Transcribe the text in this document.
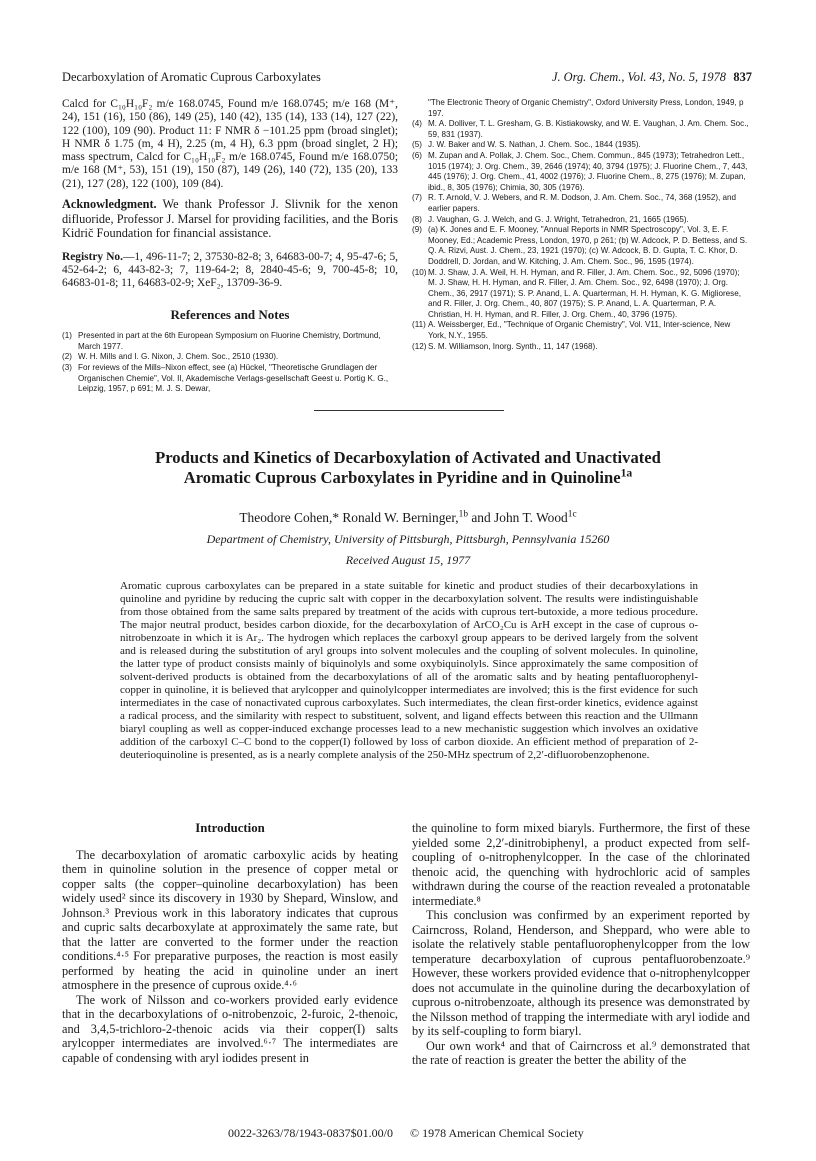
Decarboxylation of Aromatic Cuprous Carboxylates	J. Org. Chem., Vol. 43, No. 5, 1978 837
Calcd for C₁₀H₁₀F₂ m/e 168.0745, Found m/e 168.0745; m/e 168 (M⁺, 24), 151 (16), 150 (86), 149 (25), 140 (42), 135 (14), 133 (14), 127 (22), 122 (100), 109 (90). Product 11: F NMR δ −101.25 ppm (broad singlet); H NMR δ 1.75 (m, 4 H), 2.25 (m, 4 H), 6.3 ppm (broad singlet, 2 H); mass spectrum, Calcd for C₁₀H₁₀F₂ m/e 168.0745, Found m/e 168.0750; m/e 168 (M⁺, 53), 151 (19), 150 (87), 149 (26), 140 (72), 135 (20), 133 (21), 127 (28), 122 (100), 109 (84).
Acknowledgment. We thank Professor J. Slivnik for the xenon difluoride, Professor J. Marsel for providing facilities, and the Boris Kidrič Foundation for financial assistance.
Registry No.—1, 496-11-7; 2, 37530-82-8; 3, 64683-00-7; 4, 95-47-6; 5, 452-64-2; 6, 443-82-3; 7, 119-64-2; 8, 2840-45-6; 9, 700-45-8; 10, 64683-01-8; 11, 64683-02-9; XeF₂, 13709-36-9.
References and Notes
(1) Presented in part at the 6th European Symposium on Fluorine Chemistry, Dortmund, March 1977.
(2) W. H. Mills and I. G. Nixon, J. Chem. Soc., 2510 (1930).
(3) For reviews of the Mills–Nixon effect, see (a) Hückel, "Theoretische Grundlagen der Organischen Chemie", Vol. II, Akademische Verlags-gesellschaft Geest u. Portig K. G., Leipzig, 1957, p 691; M. J. S. Dewar,
"The Electronic Theory of Organic Chemistry", Oxford University Press, London, 1949, p 197.
(4) M. A. Dolliver, T. L. Gresham, G. B. Kistiakowsky, and W. E. Vaughan, J. Am. Chem. Soc., 59, 831 (1937).
(5) J. W. Baker and W. S. Nathan, J. Chem. Soc., 1844 (1935).
(6) M. Zupan and A. Pollak, J. Chem. Soc., Chem. Commun., 845 (1973); Tetrahedron Lett., 1015 (1974); J. Org. Chem., 39, 2646 (1974); 40, 3794 (1975); J. Fluorine Chem., 7, 443, 445 (1976); J. Org. Chem., 41, 4002 (1976); J. Fluorine Chem., 8, 275 (1976); M. Zupan, ibid., 8, 305 (1976); Chimia, 30, 305 (1976).
(7) R. T. Arnold, V. J. Webers, and R. M. Dodson, J. Am. Chem. Soc., 74, 368 (1952), and earlier papers.
(8) J. Vaughan, G. J. Welch, and G. J. Wright, Tetrahedron, 21, 1665 (1965).
(9) (a) K. Jones and E. F. Mooney, "Annual Reports in NMR Spectroscopy", Vol. 3, E. F. Mooney, Ed.; Academic Press, London, 1970, p 261; (b) W. Adcock, P. D. Bettess, and S. Q. A. Rizvi, Aust. J. Chem., 23, 1921 (1970); (c) W. Adcock, B. D. Gupta, T. C. Khor, D. Doddrell, D. Jordan, and W. Kitching, J. Am. Chem. Soc., 96, 1595 (1974).
(10) M. J. Shaw, J. A. Weil, H. H. Hyman, and R. Filler, J. Am. Chem. Soc., 92, 5096 (1970); M. J. Shaw, H. H. Hyman, and R. Filler, J. Am. Chem. Soc., 92, 6498 (1970); J. Org. Chem., 36, 2917 (1971); S. P. Anand, L. A. Quarterman, H. H. Hyman, K. G. Migliorese, and R. Filler, J. Org. Chem., 40, 807 (1975); S. P. Anand, L. A. Quarterman, P. A. Christian, H. H. Hyman, and R. Filler, J. Org. Chem., 40, 3796 (1975).
(11) A. Weissberger, Ed., "Technique of Organic Chemistry", Vol. V11, Inter-science, New York, N.Y., 1955.
(12) S. M. Williamson, Inorg. Synth., 11, 147 (1968).
Products and Kinetics of Decarboxylation of Activated and Unactivated
Aromatic Cuprous Carboxylates in Pyridine and in Quinoline$^{1a}$
Theodore Cohen,* Ronald W. Berninger,$^{1b}$ and John T. Wood$^{1c}$
Department of Chemistry, University of Pittsburgh, Pittsburgh, Pennsylvania 15260
Received August 15, 1977
Aromatic cuprous carboxylates can be prepared in a state suitable for kinetic and product studies of their decarboxylations in quinoline and pyridine by reducing the cupric salt with copper in the decarboxylation solvent. The results were indistinguishable from those obtained from the same salts prepared by treatment of the acids with cuprous tert-butoxide, a more tedious procedure. The major neutral product, besides carbon dioxide, for the decarboxylation of ArCO₂Cu is ArH except in the case of cuprous o-nitrobenzoate in which it is Ar₂. The hydrogen which replaces the carboxyl group appears to be derived largely from the solvent and is released during the substitution of aryl groups into solvent molecules and the coupling of solvent molecules. In quinoline, the latter type of product consists mainly of biquinolyls and some oxybiquinolyls. Since approximately the same composition of solvent-derived products is obtained from the decarboxylations of all of the aromatic salts and by heating pentafluorophenyl-copper in quinoline, it is believed that arylcopper and quinolylcopper intermediates are involved; this is the first evidence for such intermediates in the case of nonactivated cuprous carboxylates. Such intermediates, the clean first-order kinetics, evidence against a radical process, and the similarity with respect to substituent, solvent, and ligand effects between this reaction and the Ullmann biaryl coupling as well as copper-induced exchange processes lead to a new mechanistic suggestion which involves an oxidative addition of the carboxyl C–C bond to the copper(I) followed by loss of carbon dioxide. An efficient method of preparation of 2-deuterioquinoline is presented, as is a nearly complete analysis of the 250-MHz spectrum of 2,2′-difluorobenzophenone.
Introduction

The decarboxylation of aromatic carboxylic acids by heating them in quinoline solution in the presence of copper metal or copper salts (the copper–quinoline decarboxylation) has been widely used² since its discovery in 1930 by Shepard, Winslow, and Johnson.³ Previous work in this laboratory indicates that cuprous and cupric salts decarboxylate at approximately the same rate, but that the latter are converted to the former under the reaction conditions.⁴·⁵ For preparative purposes, the reaction is most easily performed by heating the acid in quinoline under an inert atmosphere in the presence of cuprous oxide.⁴·⁶

The work of Nilsson and co-workers provided early evidence that in the decarboxylations of o-nitrobenzoic, 2-furoic, 2-thenoic, and 3,4,5-trichloro-2-thenoic acids via their copper(I) salts arylcopper intermediates are involved.⁶·⁷ The intermediates are capable of condensing with aryl iodides present in

the quinoline to form mixed biaryls. Furthermore, the first of these yielded some 2,2′-dinitrobiphenyl, a product expected from self-coupling of o-nitrophenylcopper. In the case of the chlorinated thenoic acid, the quenching with hydrochloric acid of samples withdrawn during the course of the reaction revealed a protonatable intermediate.⁸

This conclusion was confirmed by an experiment reported by Cairncross, Roland, Henderson, and Sheppard, who were able to isolate the relatively stable pentafluorophenylcopper from the low temperature decarboxylation of cuprous pentafluorobenzoate.⁹ However, these workers provided evidence that o-nitrophenylcopper does not accumulate in the quinoline during the decarboxylation of cuprous o-nitrobenzoate, although its presence was demonstrated by the Nilsson method of trapping the intermediate with aryl iodide and by its self-coupling to form biaryl.

Our own work⁴ and that of Cairncross et al.⁹ demonstrated that the rate of reaction is greater the better the ability of the

0022-3263/78/1943-0837$01.00/0 © 1978 American Chemical Society
